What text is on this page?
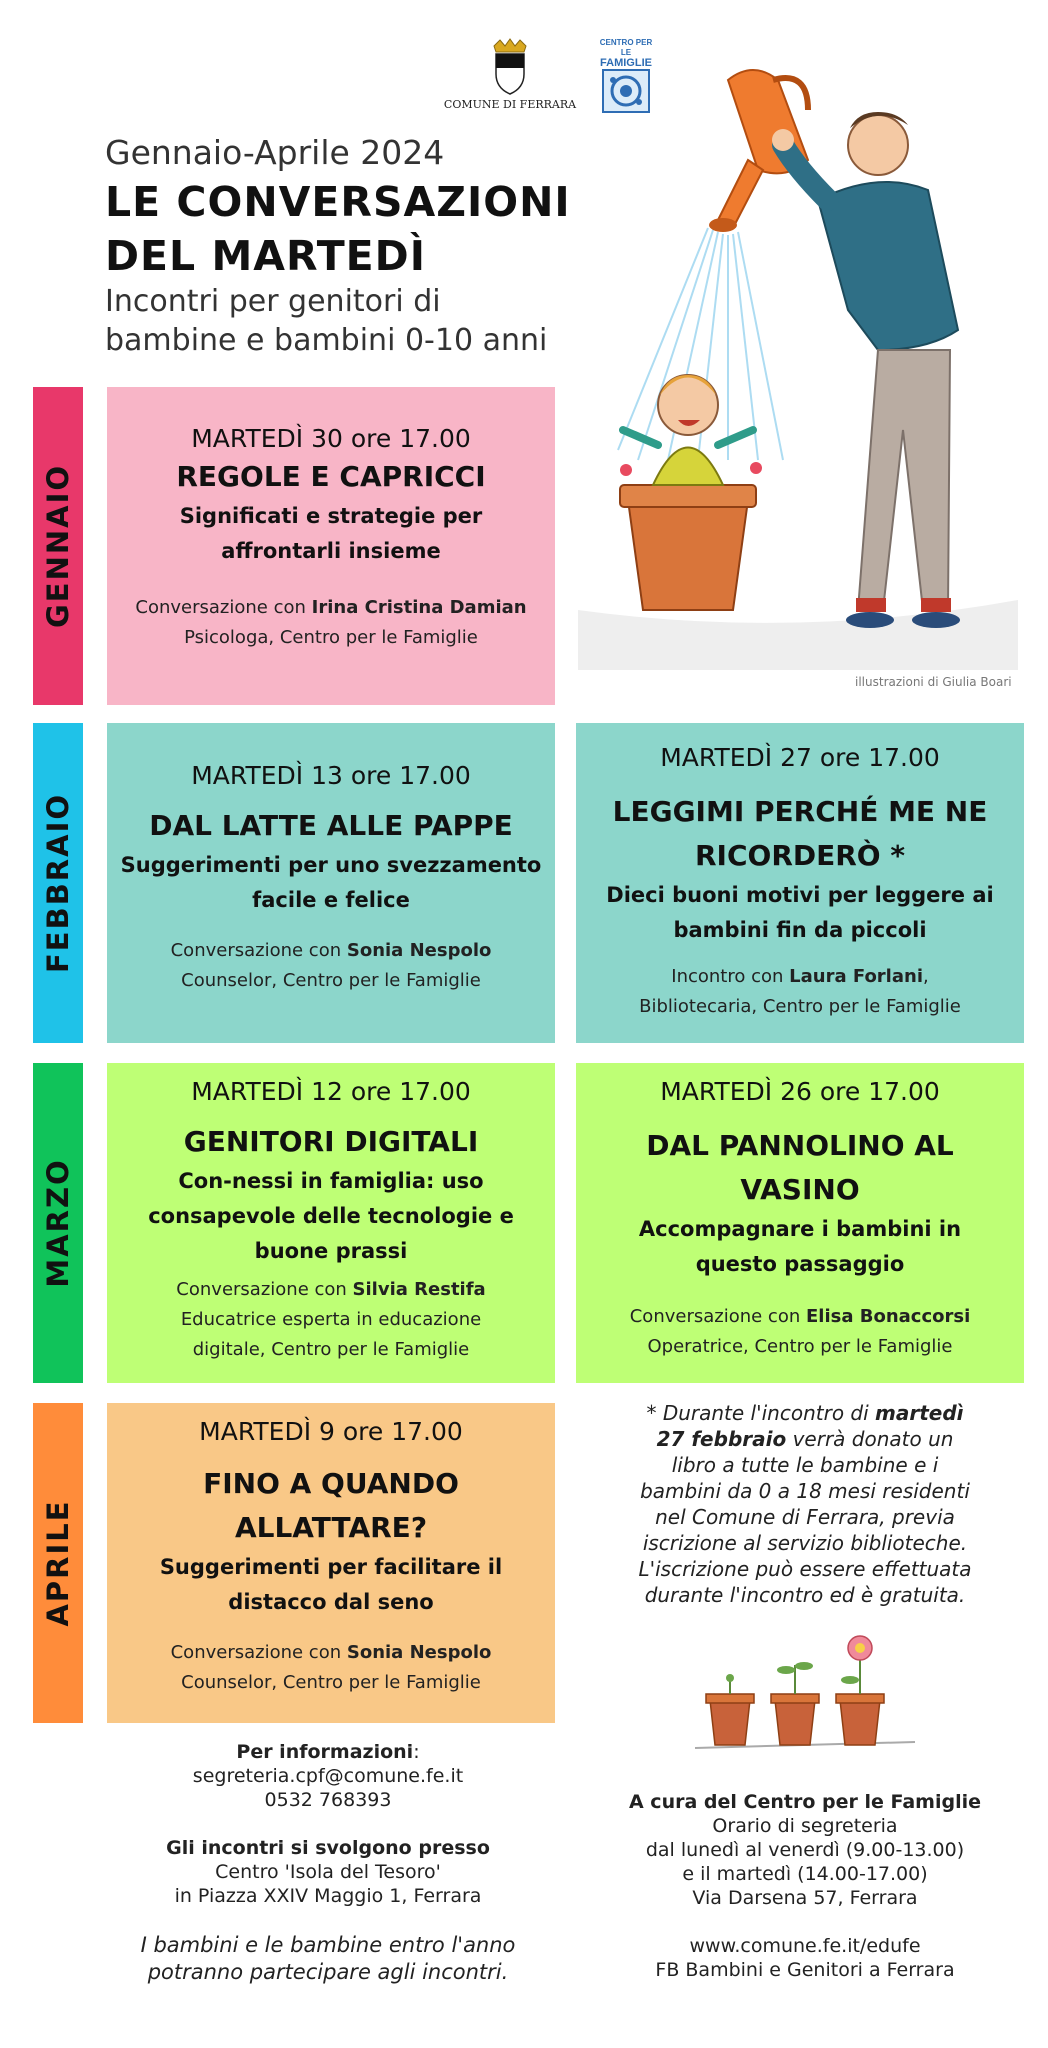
COMUNE DI FERRARA
CENTRO PER LE
FAMIGLIE
Gennaio-Aprile 2024
LE CONVERSAZIONI
DEL MARTEDÌ
Incontri per genitori di
bambine e bambini 0-10 anni
illustrazioni di Giulia Boari
GENNAIO
FEBBRAIO
MARZO
APRILE
MARTEDÌ 30 ore 17.00
REGOLE E CAPRICCI
Significati e strategie per
affrontarli insieme
Conversazione con Irina Cristina Damian
Psicologa, Centro per le Famiglie
MARTEDÌ 13 ore 17.00
DAL LATTE ALLE PAPPE
Suggerimenti per uno svezzamento
facile e felice
Conversazione con Sonia Nespolo
Counselor, Centro per le Famiglie
MARTEDÌ 27 ore 17.00
LEGGIMI PERCHÉ ME NE
RICORDERÒ *
Dieci buoni motivi per leggere ai
bambini fin da piccoli
Incontro con Laura Forlani,
Bibliotecaria, Centro per le Famiglie
MARTEDÌ 12 ore 17.00
GENITORI DIGITALI
Con-nessi in famiglia: uso
consapevole delle tecnologie e
buone prassi
Conversazione con Silvia Restifa
Educatrice esperta in educazione
digitale, Centro per le Famiglie
MARTEDÌ 26 ore 17.00
DAL PANNOLINO AL
VASINO
Accompagnare i bambini in
questo passaggio
Conversazione con Elisa Bonaccorsi
Operatrice, Centro per le Famiglie
MARTEDÌ 9 ore 17.00
FINO A QUANDO
ALLATTARE?
Suggerimenti per facilitare il
distacco dal seno
Conversazione con Sonia Nespolo
Counselor, Centro per le Famiglie
* Durante l'incontro di martedì
27 febbraio verrà donato un
libro a tutte le bambine e i
bambini da 0 a 18 mesi residenti
nel Comune di Ferrara, previa
iscrizione al servizio biblioteche.
L'iscrizione può essere effettuata
durante l'incontro ed è gratuita.
Per informazioni:
segreteria.cpf@comune.fe.it
0532 768393
Gli incontri si svolgono presso
Centro 'Isola del Tesoro'
in Piazza XXIV Maggio 1, Ferrara
I bambini e le bambine entro l'anno
potranno partecipare agli incontri.
A cura del Centro per le Famiglie
Orario di segreteria
dal lunedì al venerdì (9.00-13.00)
e il martedì (14.00-17.00)
Via Darsena 57, Ferrara
www.comune.fe.it/edufe
FB Bambini e Genitori a Ferrara
